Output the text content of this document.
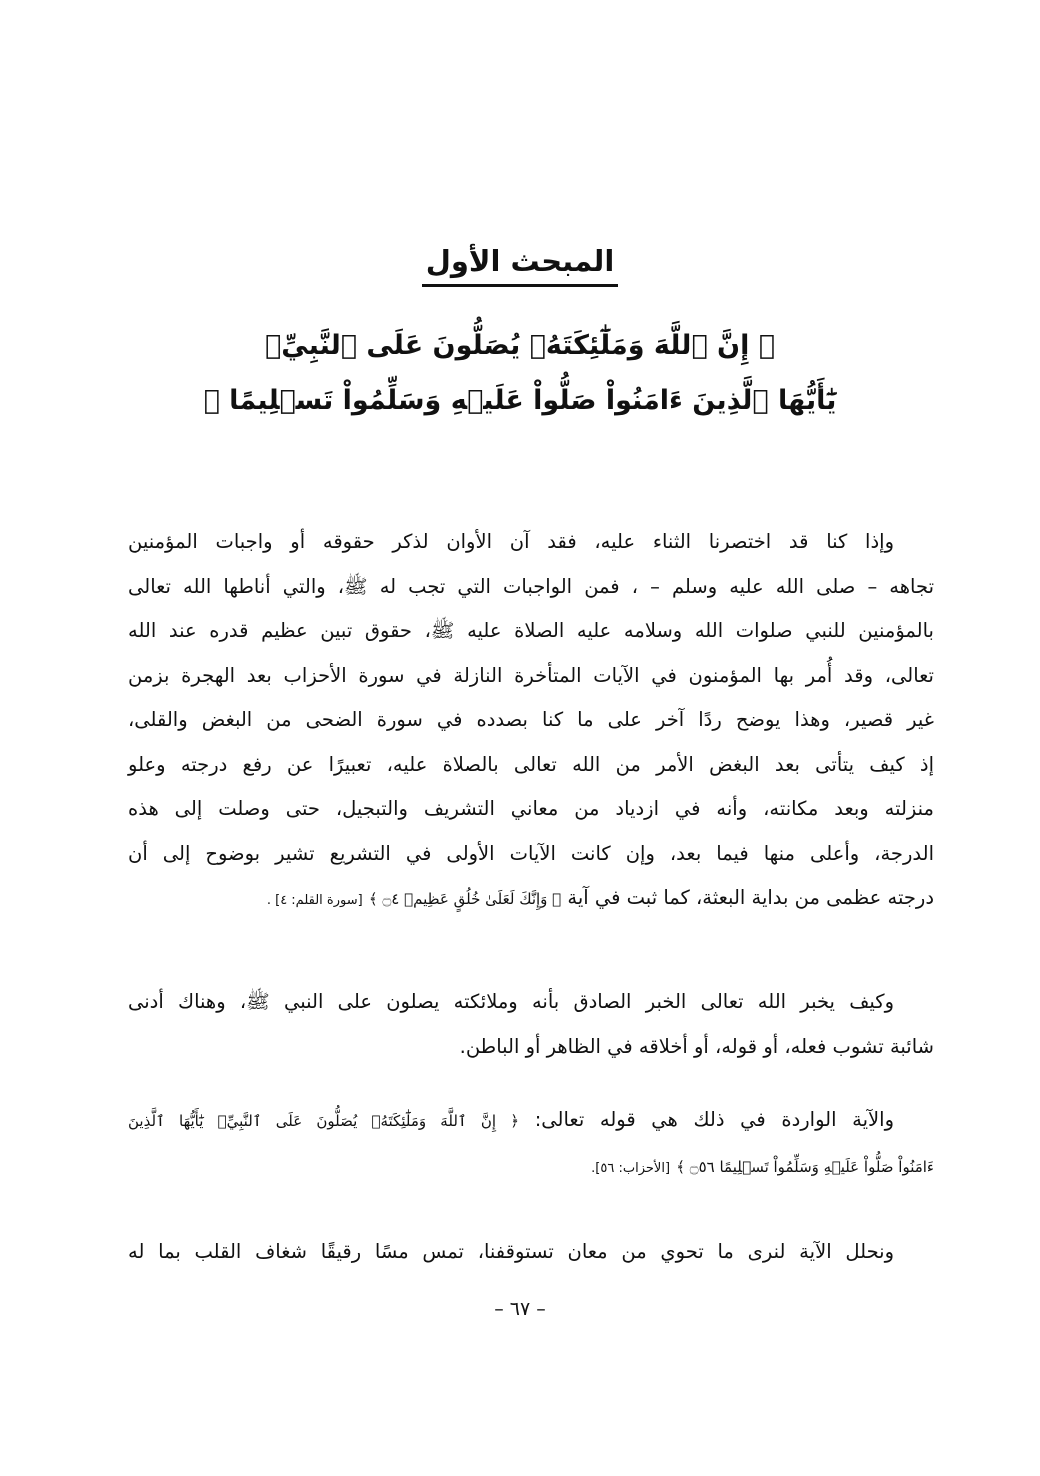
المبحث الأول
﴿ إِنَّ ٱللَّهَ وَمَلَٰٓئِكَتَهُۥ يُصَلُّونَ عَلَى ٱلنَّبِيِّۚ
يَٰٓأَيُّهَا ٱلَّذِينَ ءَامَنُواْ صَلُّواْ عَلَيۡهِ وَسَلِّمُواْ تَسۡلِيمًا ﴾
وإذا كنا قد اختصرنا الثناء عليه، فقد آن الأوان لذكر حقوقه أو واجبات المؤمنين
تجاهه – صلى الله عليه وسلم – ، فمن الواجبات التي تجب له ﷺ، والتي أناطها الله تعالى
بالمؤمنين للنبي صلوات الله وسلامه عليه الصلاة عليه ﷺ، حقوق تبين عظيم قدره عند الله
تعالى، وقد أُمر بها المؤمنون في الآيات المتأخرة النازلة في سورة الأحزاب بعد الهجرة بزمن
غير قصير، وهذا يوضح ردًا آخر على ما كنا بصدده في سورة الضحى من البغض والقلى،
إذ كيف يتأتى بعد البغض الأمر من الله تعالى بالصلاة عليه، تعبيرًا عن رفع درجته وعلو
منزلته وبعد مكانته، وأنه في ازدياد من معاني التشريف والتبجيل، حتى وصلت إلى هذه
الدرجة، وأعلى منها فيما بعد، وإن كانت الآيات الأولى في التشريع تشير بوضوح إلى أن
درجته عظمى من بداية البعثة، كما ثبت في آية ﴿ وَإِنَّكَ لَعَلَىٰ خُلُقٍ عَظِيمٖ ۝٤ ﴾ [سورة القلم: ٤] .
وكيف يخبر الله تعالى الخبر الصادق بأنه وملائكته يصلون على النبي ﷺ، وهناك أدنى
شائبة تشوب فعله، أو قوله، أو أخلاقه في الظاهر أو الباطن.
والآية الواردة في ذلك هي قوله تعالى: ﴿ إِنَّ ٱللَّهَ وَمَلَٰٓئِكَتَهُۥ يُصَلُّونَ عَلَى ٱلنَّبِيِّۚ يَٰٓأَيُّهَا ٱلَّذِينَ
ءَامَنُواْ صَلُّواْ عَلَيۡهِ وَسَلِّمُواْ تَسۡلِيمًا ۝٥٦ ﴾ [الأحزاب: ٥٦].
ونحلل الآية لنرى ما تحوي من معان تستوقفنا، تمس مسًا رقيقًا شغاف القلب بما له
– ٦٧ –
